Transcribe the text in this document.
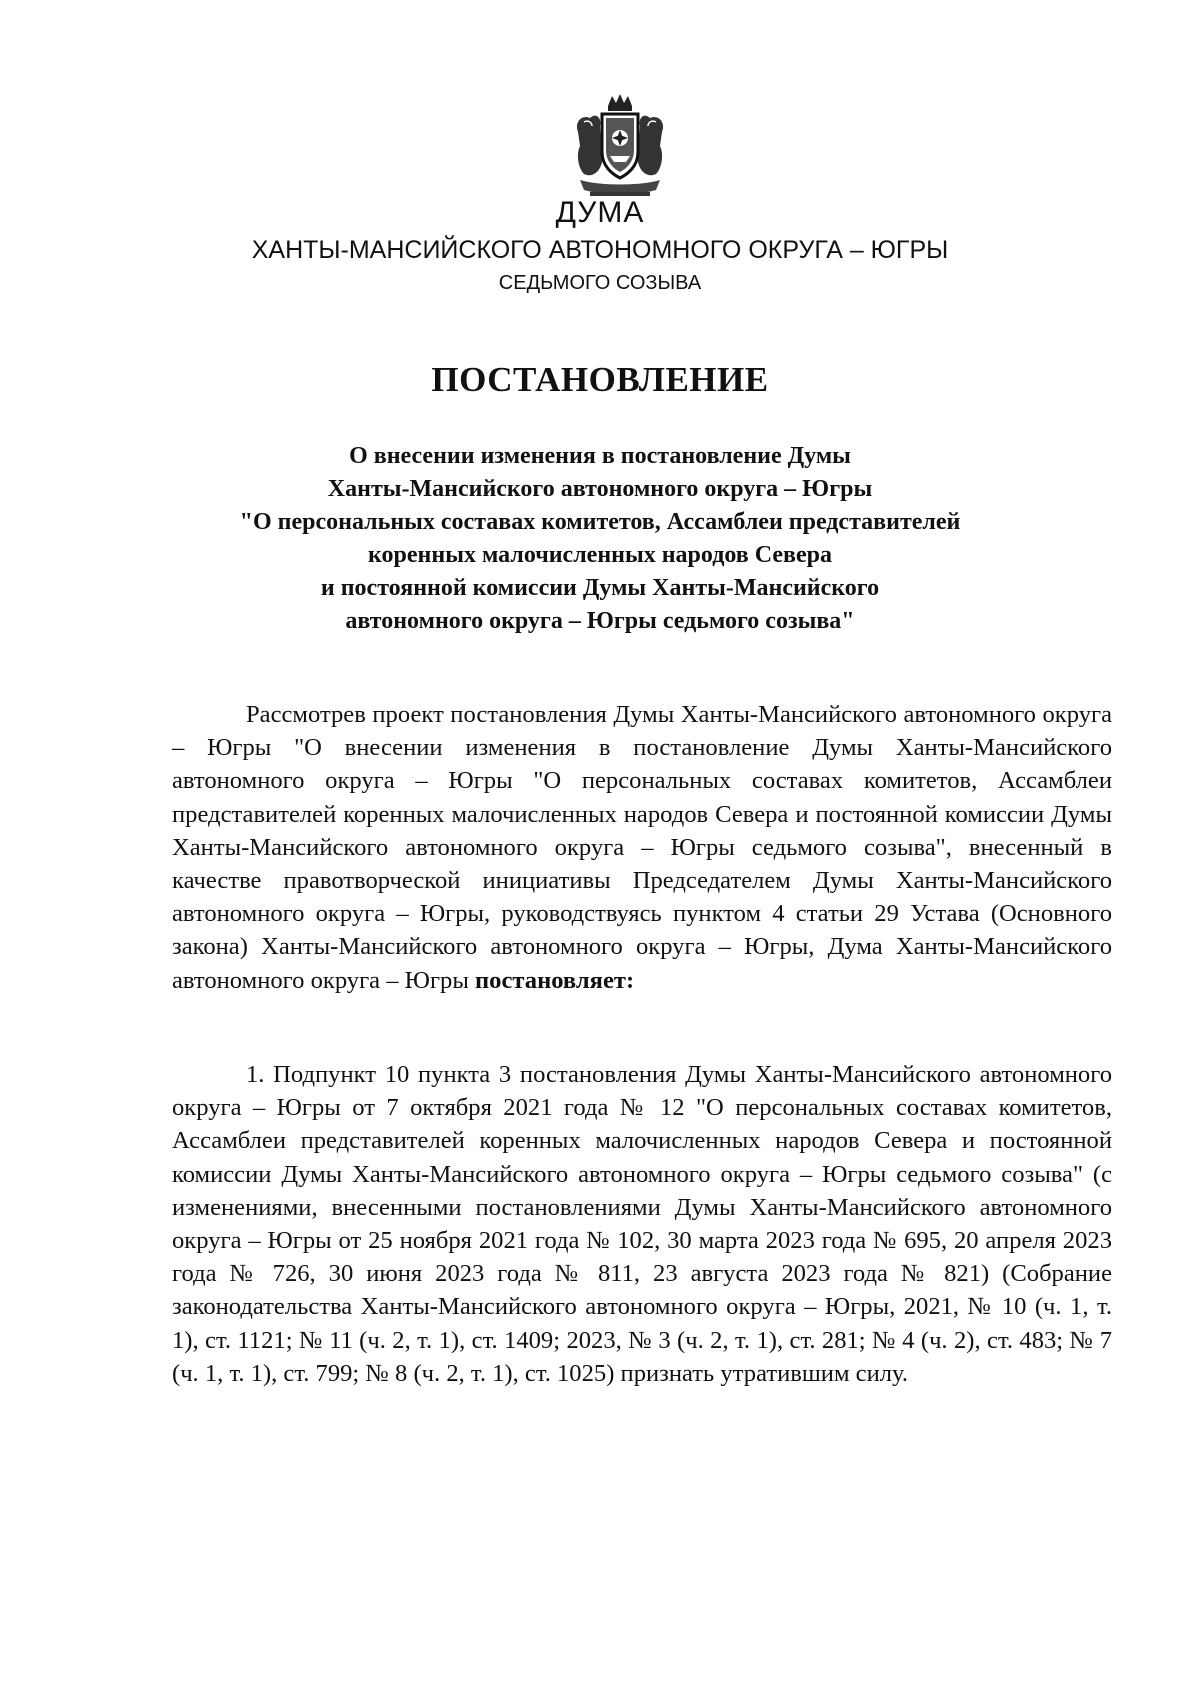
ДУМА
ХАНТЫ-МАНСИЙСКОГО АВТОНОМНОГО ОКРУГА – ЮГРЫ
СЕДЬМОГО СОЗЫВА
ПОСТАНОВЛЕНИЕ
О внесении изменения в постановление Думы
Ханты-Мансийского автономного округа – Югры
"О персональных составах комитетов, Ассамблеи представителей
коренных малочисленных народов Севера
и постоянной комиссии Думы Ханты-Мансийского
автономного округа – Югры седьмого созыва"

Рассмотрев проект постановления Думы Ханты-Мансийского автономного округа – Югры "О внесении изменения в постановление Думы Ханты-Мансийского автономного округа – Югры "О персональных составах комитетов, Ассамблеи представителей коренных малочисленных народов Севера и постоянной комиссии Думы Ханты-Мансийского автономного округа – Югры седьмого созыва", внесенный в качестве правотворческой инициативы Председателем Думы Ханты-Мансийского автономного округа – Югры, руководствуясь пунктом 4 статьи 29 Устава (Основного закона) Ханты-Мансийского автономного округа – Югры, Дума Ханты-Мансийского автономного округа – Югры постановляет:

1. Подпункт 10 пункта 3 постановления Думы Ханты-Мансийского автономного округа – Югры от 7 октября 2021 года № 12 "О персональных составах комитетов, Ассамблеи представителей коренных малочисленных народов Севера и постоянной комиссии Думы Ханты-Мансийского автономного округа – Югры седьмого созыва" (с изменениями, внесенными постановлениями Думы Ханты-Мансийского автономного округа – Югры от 25 ноября 2021 года № 102, 30 марта 2023 года № 695, 20 апреля 2023 года № 726, 30 июня 2023 года № 811, 23 августа 2023 года № 821) (Собрание законодательства Ханты-Мансийского автономного округа – Югры, 2021, № 10 (ч. 1, т. 1), ст. 1121; № 11 (ч. 2, т. 1), ст. 1409; 2023, № 3 (ч. 2, т. 1), ст. 281; № 4 (ч. 2), ст. 483; № 7 (ч. 1, т. 1), ст. 799; № 8 (ч. 2, т. 1), ст. 1025) признать утратившим силу.
